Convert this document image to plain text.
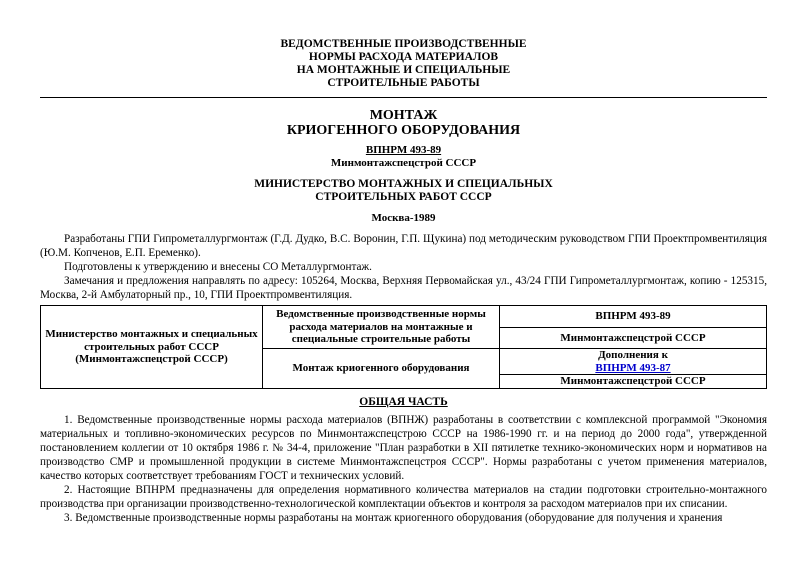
ВЕДОМСТВЕННЫЕ ПРОИЗВОДСТВЕННЫЕ
НОРМЫ РАСХОДА МАТЕРИАЛОВ
НА МОНТАЖНЫЕ И СПЕЦИАЛЬНЫЕ
СТРОИТЕЛЬНЫЕ РАБОТЫ
МОНТАЖ
КРИОГЕННОГО ОБОРУДОВАНИЯ
ВПНРМ 493-89
Минмонтажспецстрой СССР
МИНИСТЕРСТВО МОНТАЖНЫХ И СПЕЦИАЛЬНЫХ
СТРОИТЕЛЬНЫХ РАБОТ СССР
Москва-1989

Разработаны ГПИ Гипрометаллургмонтаж (Г.Д. Дудко, В.С. Воронин, Г.П. Щукина) под методическим руководством ГПИ Проектпромвентиляция (Ю.М. Копченов, Е.П. Еременко).

Подготовлены к утверждению и внесены СО Металлургмонтаж.

Замечания и предложения направлять по адресу: 105264, Москва, Верхняя Первомайская ул., 43/24 ГПИ Гипрометаллургмонтаж, копию - 125315, Москва, 2-й Амбулаторный пр., 10, ГПИ Проектпромвентиляция.

Министерство монтажных и специальных строительных работ СССР (Минмонтажспецстрой СССР)	Ведомственные производственные нормы расхода материалов на монтажные и специальные строительные работы	ВПНРМ 493-89
		Минмонтажспецстрой СССР
	Монтаж криогенного оборудования	Дополнения к
ВПНРМ 493-87

		Минмонтажспецстрой СССР
ОБЩАЯ ЧАСТЬ

1. Ведомственные производственные нормы расхода материалов (ВПНЖ) разработаны в соответствии с комплексной программой "Экономия материальных и топливно-экономических ресурсов по Минмонтажспецстрою СССР на 1986-1990 гг. и на период до 2000 года", утвержденной постановлением коллегии от 10 октября 1986 г. № 34-4, приложение "План разработки в XII пятилетке технико-экономических норм и нормативов на производство СМР и промышленной продукции в системе Минмонтажспецстроя СССР". Нормы разработаны с учетом применения материалов, качество которых соответствует требованиям ГОСТ и технических условий.

2. Настоящие ВПНРМ предназначены для определения нормативного количества материалов на стадии подготовки строительно-монтажного производства при организации производственно-технологической комплектации объектов и контроля за расходом материалов при их списании.

3. Ведомственные производственные нормы разработаны на монтаж криогенного оборудования (оборудование для получения и хранения
